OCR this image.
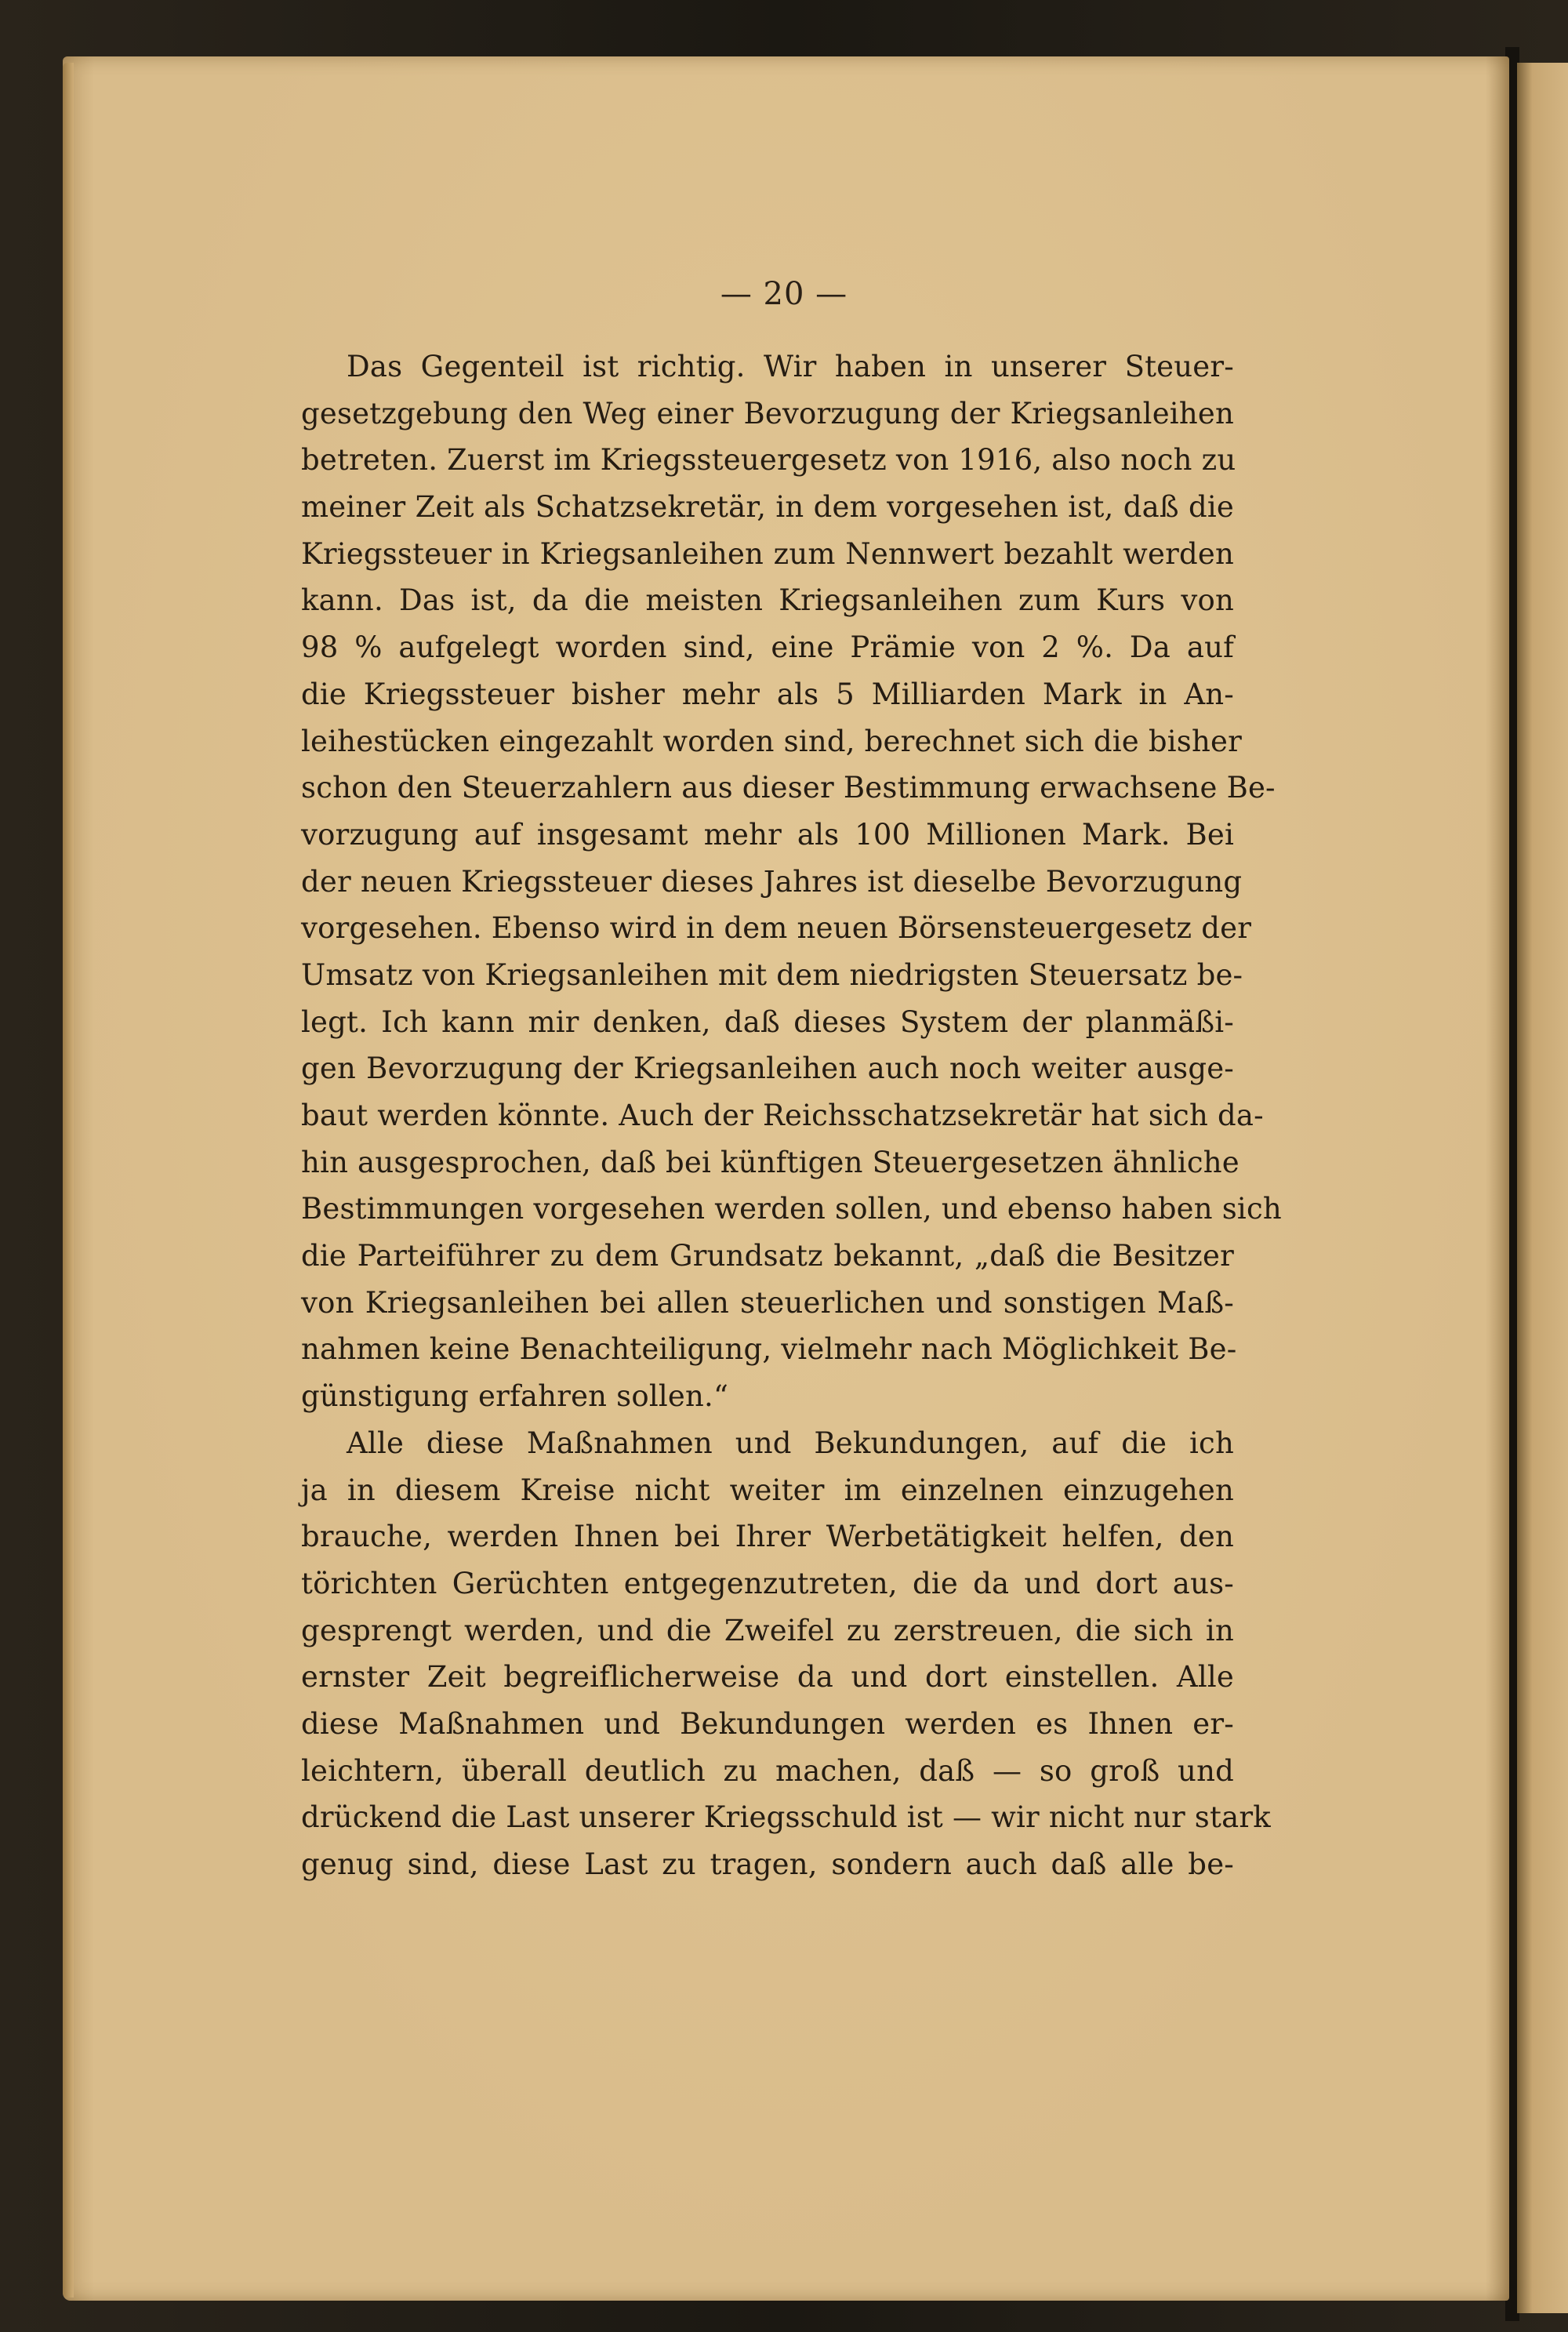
— 20 —
Das Gegenteil ist richtig. Wir haben in unserer Steuer-
gesetzgebung den Weg einer Bevorzugung der Kriegsanleihen
betreten. Zuerst im Kriegssteuergesetz von 1916, also noch zu
meiner Zeit als Schatzsekretär, in dem vorgesehen ist, daß die
Kriegssteuer in Kriegsanleihen zum Nennwert bezahlt werden
kann. Das ist, da die meisten Kriegsanleihen zum Kurs von
98 % aufgelegt worden sind, eine Prämie von 2 %. Da auf
die Kriegssteuer bisher mehr als 5 Milliarden Mark in An-
leihestücken eingezahlt worden sind, berechnet sich die bisher
schon den Steuerzahlern aus dieser Bestimmung erwachsene Be-
vorzugung auf insgesamt mehr als 100 Millionen Mark. Bei
der neuen Kriegssteuer dieses Jahres ist dieselbe Bevorzugung
vorgesehen. Ebenso wird in dem neuen Börsensteuergesetz der
Umsatz von Kriegsanleihen mit dem niedrigsten Steuersatz be-
legt. Ich kann mir denken, daß dieses System der planmäßi-
gen Bevorzugung der Kriegsanleihen auch noch weiter ausge-
baut werden könnte. Auch der Reichsschatzsekretär hat sich da-
hin ausgesprochen, daß bei künftigen Steuergesetzen ähnliche
Bestimmungen vorgesehen werden sollen, und ebenso haben sich
die Parteiführer zu dem Grundsatz bekannt, „daß die Besitzer
von Kriegsanleihen bei allen steuerlichen und sonstigen Maß-
nahmen keine Benachteiligung, vielmehr nach Möglichkeit Be-
günstigung erfahren sollen.“
Alle diese Maßnahmen und Bekundungen, auf die ich
ja in diesem Kreise nicht weiter im einzelnen einzugehen
brauche, werden Ihnen bei Ihrer Werbetätigkeit helfen, den
törichten Gerüchten entgegenzutreten, die da und dort aus-
gesprengt werden, und die Zweifel zu zerstreuen, die sich in
ernster Zeit begreiflicherweise da und dort einstellen. Alle
diese Maßnahmen und Bekundungen werden es Ihnen er-
leichtern, überall deutlich zu machen, daß — so groß und
drückend die Last unserer Kriegsschuld ist — wir nicht nur stark
genug sind, diese Last zu tragen, sondern auch daß alle be-
